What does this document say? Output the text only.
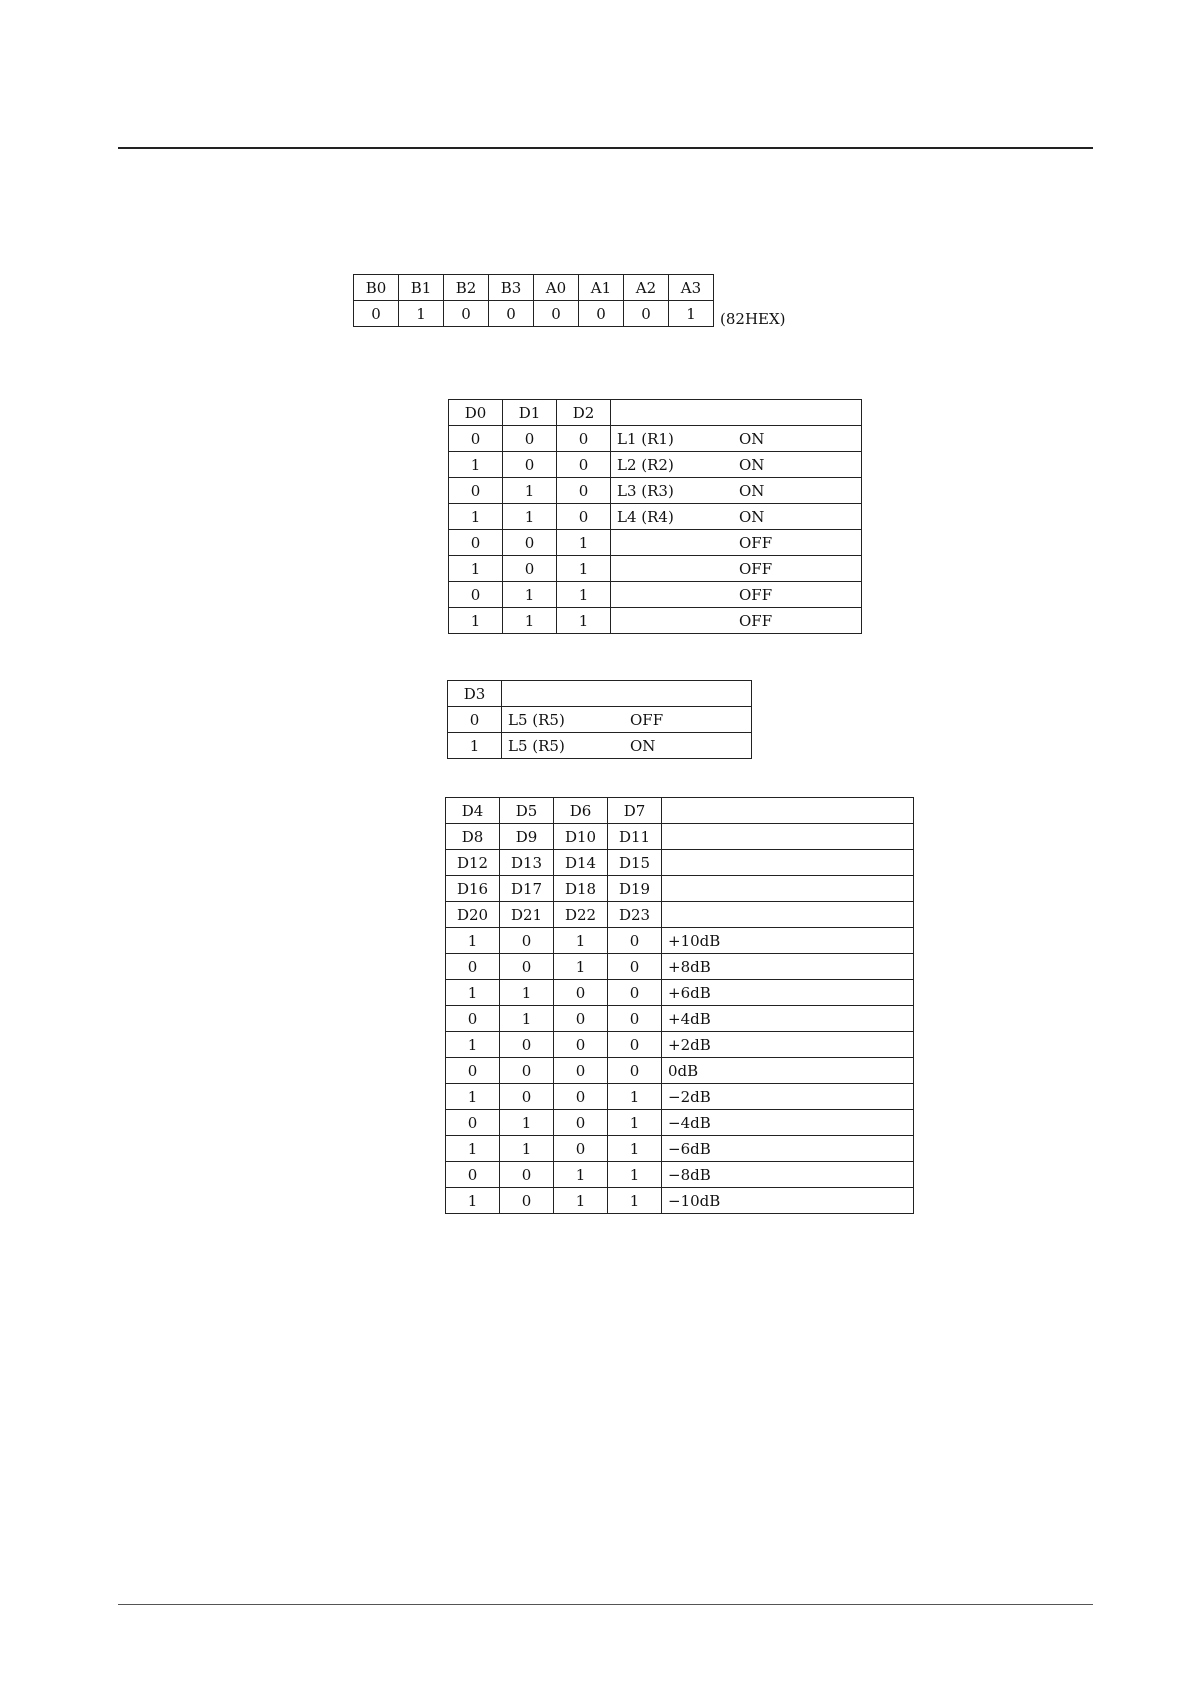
B0	B1	B2	B3	A0	A1	A2	A3
0	1	0	0	0	0	0	1 (82HEX)
D0	D1	D2	
0	0	0	L1 (R1) ON
1	0	0	L2 (R2) ON
0	1	0	L3 (R3) ON
1	1	0	L4 (R4) ON
0	0	1	OFF
1	0	1	OFF
0	1	1	OFF
1	1	1	OFF
D3	
0	L5 (R5) OFF
1	L5 (R5) ON
D4	D5	D6	D7	
D8	D9	D10	D11	
D12	D13	D14	D15	
D16	D17	D18	D19	
D20	D21	D22	D23	
1	0	1	0	+10dB
0	0	1	0	+8dB
1	1	0	0	+6dB
0	1	0	0	+4dB
1	0	0	0	+2dB
0	0	0	0	0dB
1	0	0	1	−2dB
0	1	0	1	−4dB
1	1	0	1	−6dB
0	0	1	1	−8dB
1	0	1	1	−10dB
